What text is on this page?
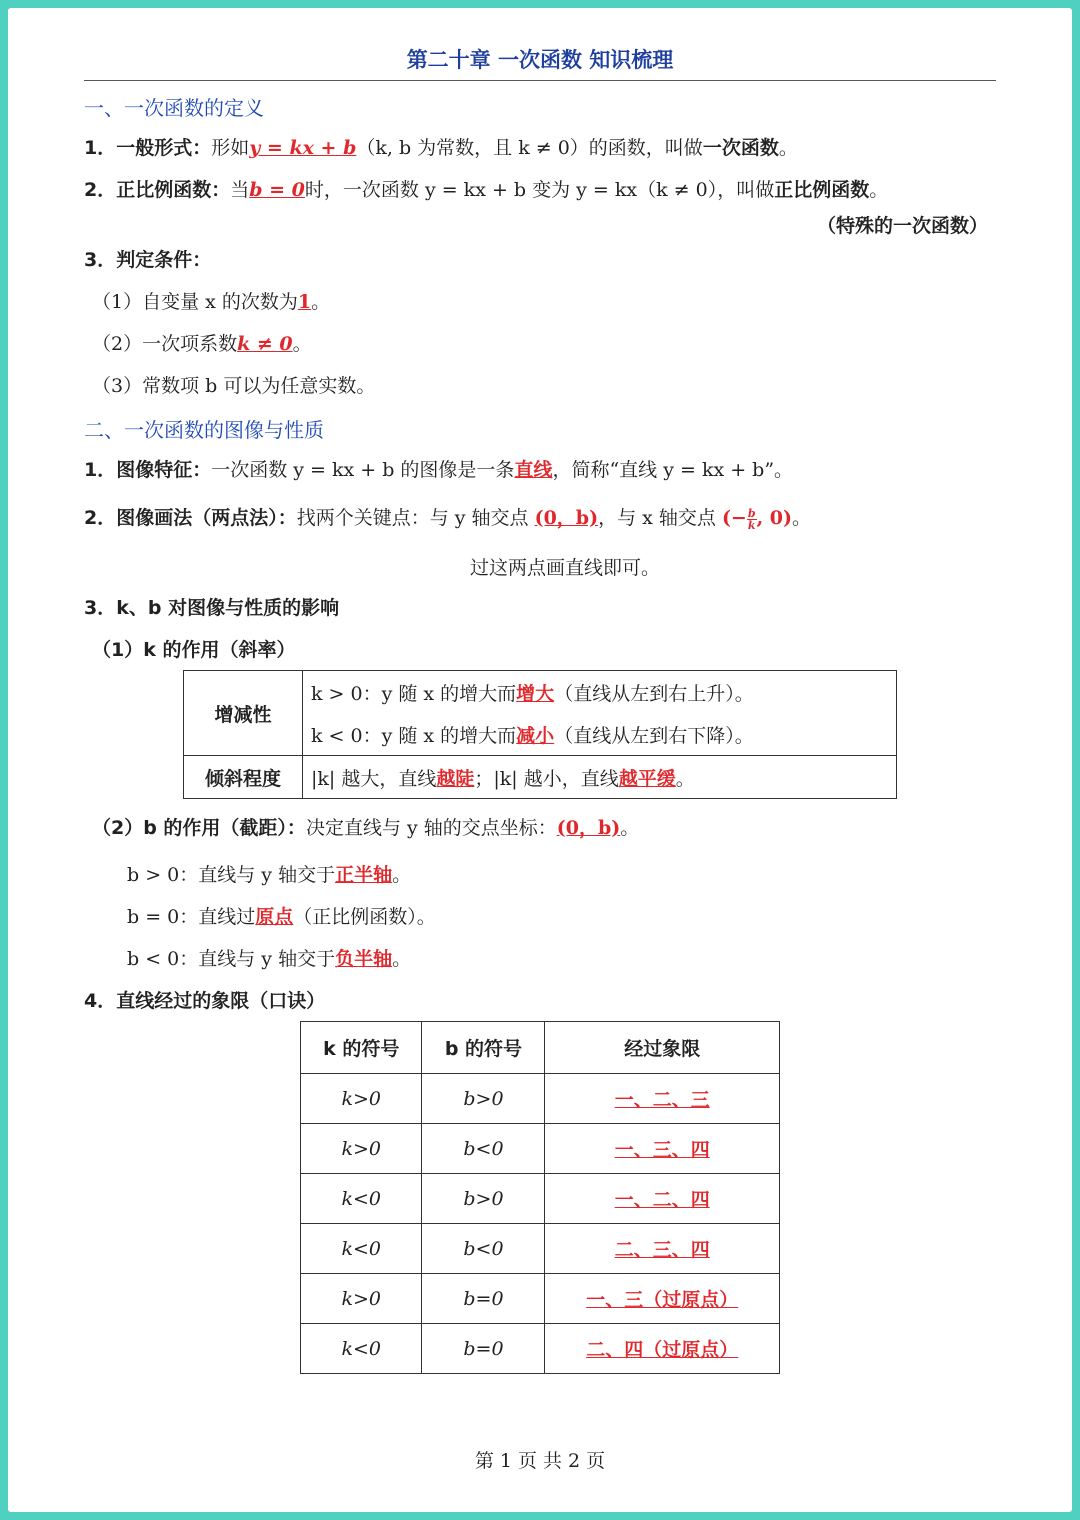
第二十章 一次函数 知识梳理
一、一次函数的定义
1．一般形式：形如y = kx + b（k, b 为常数，且 k ≠ 0）的函数，叫做一次函数。
2．正比例函数：当b = 0时，一次函数 y = kx + b 变为 y = kx（k ≠ 0），叫做正比例函数。
（特殊的一次函数）
3．判定条件：
（1）自变量 x 的次数为1。
（2）一次项系数k ≠ 0。
（3）常数项 b 可以为任意实数。
二、一次函数的图像与性质
1．图像特征：一次函数 y = kx + b 的图像是一条直线，简称“直线 y = kx + b”。
2．图像画法（两点法）：找两个关键点：与 y 轴交点 (0，b)，与 x 轴交点 (− $\frac{b}{k}$ , 0)。
过这两点画直线即可。
3．k、b 对图像与性质的影响
（1）k 的作用（斜率）
增减性	k > 0：y 随 x 的增大而增大（直线从左到右上升）。
	k < 0：y 随 x 的增大而减小（直线从左到右下降）。
倾斜程度	|k| 越大，直线越陡；|k| 越小，直线越平缓。
（2）b 的作用（截距）：决定直线与 y 轴的交点坐标：(0，b)。
b > 0：直线与 y 轴交于正半轴。
b = 0：直线过原点（正比例函数）。
b < 0：直线与 y 轴交于负半轴。
4．直线经过的象限（口诀）
k 的符号	b 的符号	经过象限
k>0	b>0	一、二、三
k>0	b<0	一、三、四
k<0	b>0	一、二、四
k<0	b<0	二、三、四
k>0	b=0	一、三（过原点）
k<0	b=0	二、四（过原点）
第 1 页 共 2 页
